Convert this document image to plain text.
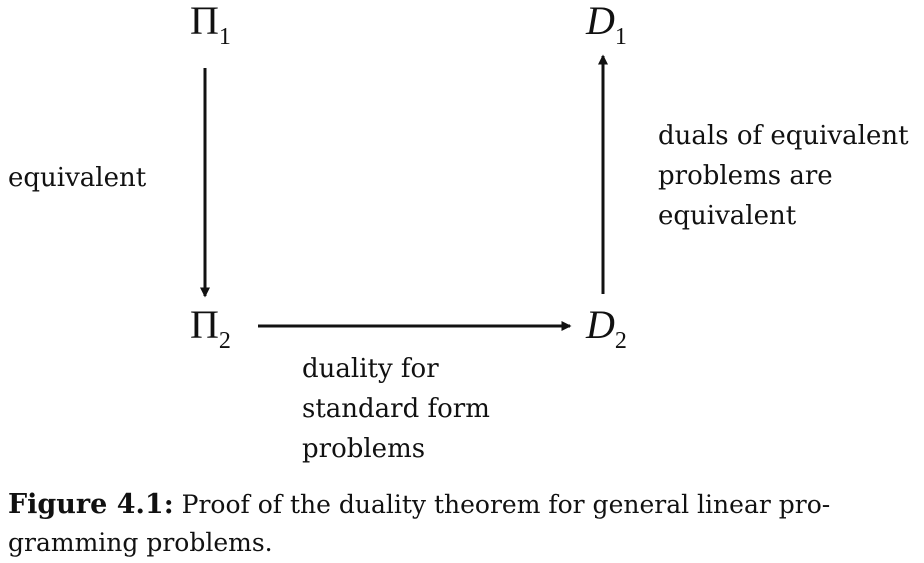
$\Pi_1$	$D_1$
$\Pi_2$	$D_2$
equivalent
duals of equivalent
problems are
equivalent
duality for
standard form
problems
Figure 4.1: Proof of the duality theorem for general linear pro-
gramming problems.
